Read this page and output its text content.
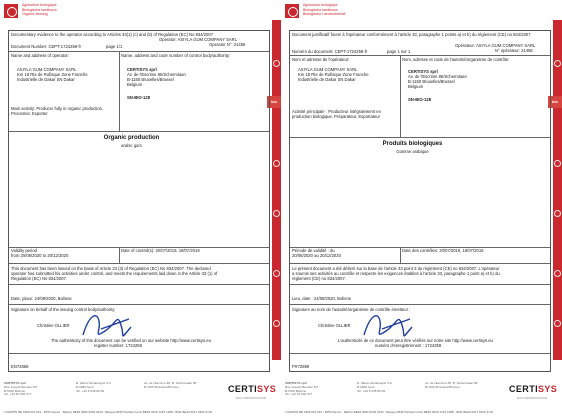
Agriculture biologique
Biologische landbouw
Organic farming
bio
Documentary evidence to the operator according to Articles 33(1) (c) and (b) of Regulation (EC) No 834/2007
Operator: ASIYLA GUM COMPANY SARL
Operator N°: 21456
Document Number: CEPT-1724259-fr	page 1/1
Name and address of operator:	Name, address and code number of control body/authority:
ASIYLA GUM COMPANY SARL
Km 18 Rte de Rufisque Zone Franche
Industrielle de Dakar SN Dakar
CERTISYS sprl
Av. de l'Escrime 85/Schermlaan
B-1150 Bruxelles/Brussel
Belgium
SN-BIO-128
Main activity: Producer fully in organic production,
Processor, Exporter
Organic production
arabic gum
Validity period
from 20/08/2020 to 20/12/2020
Date of control(s): 20/07/2019, 18/07/2019
This document has been issued on the basis of Article 33 (3) of Regulation (EC) No 834/2007. The declared
operator has submitted his activities under control, and meets the requirements laid down in the Article 33 (1) of
Regulation (EC) No 834/2007.
Date, place: 24/09/2020, Bolinne
Signature on behalf of the issuing control body/authority:
Christine OLLIER
The authenticity of this document can be verified on our website http://www.certisys.eu
register number: 1724259
EN72869
CERTISYS sprl
Rue Joseph Bouché 5/3
B-5310 Bolinne
Tel. +32 81 600 377
R. Maria Vandeloejstr 3-6
B-9000 Gent
Tel. +32 9 245 80 89
Av. de l'Escrime 85, B. Schermlaan 85
B-1150 Bruxelles/Brussel	CERTISYS
ECO CERTIFICATION
TVA/BTW BE 0468 021 919 - RPM Namur - Belfius BE66 0682 5252 2643 - Banque BNP Paribas Fortis BE56 0015 7215 1288 - BNK BE44 0017 5252 3732
Agriculture biologique
Biologische landbouw
Biologische Landwirtschaft
bio
Document justificatif fourni à l'opérateur conformément à l'article 33, paragraphe 1 points a) et b) du règlement (CE) no 834/2007
Opérateur: ASIYLA GUM COMPANY SARL
N° opérateur: 21456
Numéro du document: CEPT-1724259-fr	page 1 sur 1
Nom et adresse de l'opérateur:	Nom, adresse et code de l'autorité/organisme de contrôle:
ASIYLA GUM COMPANY SARL
Km 18 Rte de Rufisque Zone Franche
Industrielle de Dakar SN Dakar
CERTISYS sprl
Av. de l'Escrime 85/Schermlaan
B-1150 Bruxelles/Brussel
Belgium
SN-BIO-128
Activité principale : Producteur intégralement en
production biologique, Préparateur, Exportateur
Produits biologiques
Gomme arabique
Période de validité : du
20/08/2020 au 20/12/2020
Date des contrôles: 20/07/2019, 18/07/2019
Le présent document a été délivré sur la base de l'article 33 point 3 du règlement (CE) no 834/2007. L'opérateur
a soumis ses activités au contrôle et respecte les exigences établies à l'article 33, paragraphe 1 point a) et b) du
règlement (CE) no 834/2007.
Lieu, date : 24/09/2020, Bolinne
Signature au nom de l'autorité/organisme de contrôle émetteur :
Christine OLLIER
L'authenticité de ce document peut être vérifiée sur notre site http://www.certisys.eu
numéro d'enregistrement : 1724259
FR72869
CERTISYS sprl
Rue Joseph Bouché 5/3
B-5310 Bolinne
Tel. +32 81 600 377
R. Maria Vandeloejstr 3-6
B-9000 Gent
Tel. +32 9 245 80 89
Av. de l'Escrime 85, B. Schermlaan 85
B-1150 Bruxelles/Brussel	CERTISYS
ECO CERTIFICATION
TVA/BTW BE 0468 021 919 - RPM Namur - Belfius BE66 0682 5252 2643 - Banque BNP Paribas Fortis BE56 0015 7215 1288 - BNK BE44 0017 5252 3732
